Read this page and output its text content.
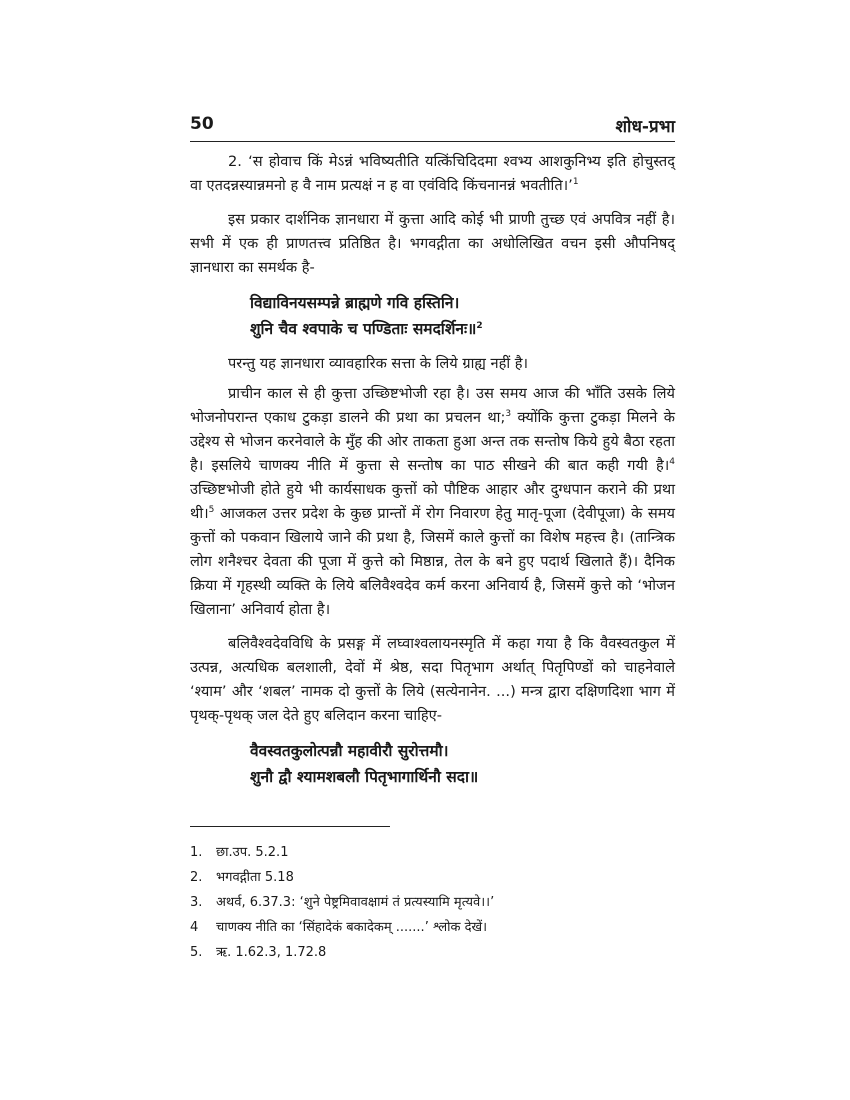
50	शोध-प्रभा

2. ‘स होवाच किं मेऽन्नं भविष्यतीति यत्किंचिदिदमा श्वभ्य आशकुनिभ्य इति होचुस्तद् वा एतदन्नस्यान्नमनो ह वै नाम प्रत्यक्षं न ह वा एवंविदि किंचनानन्नं भवतीति।’$^1$

इस प्रकार दार्शनिक ज्ञानधारा में कुत्ता आदि कोई भी प्राणी तुच्छ एवं अपवित्र नहीं है। सभी में एक ही प्राणतत्त्व प्रतिष्ठित है। भगवद्गीता का अधोलिखित वचन इसी औपनिषद् ज्ञानधारा का समर्थक है-

विद्याविनयसम्पन्ने ब्राह्मणे गवि हस्तिनि।
शुनि चैव श्वपाके च पण्डिताः समदर्शिनः॥$^2$

परन्तु यह ज्ञानधारा व्यावहारिक सत्ता के लिये ग्राह्य नहीं है।

प्राचीन काल से ही कुत्ता उच्छिष्टभोजी रहा है। उस समय आज की भाँति उसके लिये भोजनोपरान्त एकाध टुकड़ा डालने की प्रथा का प्रचलन था;$^3$ क्योंकि कुत्ता टुकड़ा मिलने के उद्देश्य से भोजन करनेवाले के मुँह की ओर ताकता हुआ अन्त तक सन्तोष किये हुये बैठा रहता है। इसलिये चाणक्य नीति में कुत्ता से सन्तोष का पाठ सीखने की बात कही गयी है।$^4$ उच्छिष्टभोजी होते हुये भी कार्यसाधक कुत्तों को पौष्टिक आहार और दुग्धपान कराने की प्रथा थी।$^5$ आजकल उत्तर प्रदेश के कुछ प्रान्तों में रोग निवारण हेतु मातृ-पूजा (देवीपूजा) के समय कुत्तों को पकवान खिलाये जाने की प्रथा है, जिसमें काले कुत्तों का विशेष महत्त्व है। (तान्त्रिक लोग शनैश्चर देवता की पूजा में कुत्ते को मिष्ठान्न, तेल के बने हुए पदार्थ खिलाते हैं)। दैनिक क्रिया में गृहस्थी व्यक्ति के लिये बलिवैश्वदेव कर्म करना अनिवार्य है, जिसमें कुत्ते को ‘भोजन खिलाना’ अनिवार्य होता है।

बलिवैश्वदेवविधि के प्रसङ्ग में लघ्वाश्वलायनस्मृति में कहा गया है कि वैवस्वतकुल में उत्पन्न, अत्यधिक बलशाली, देवों में श्रेष्ठ, सदा पितृभाग अर्थात् पितृपिण्डों को चाहनेवाले ‘श्याम’ और ‘शबल’ नामक दो कुत्तों के लिये (सत्येनानेन. ...) मन्त्र द्वारा दक्षिणदिशा भाग में पृथक्-पृथक् जल देते हुए बलिदान करना चाहिए-

वैवस्वतकुलोत्पन्नौ महावीरौ सुरोत्तमौ।
शुनौ द्वौ श्यामशबलौ पितृभागार्थिनौ सदा॥
1.	छा.उप. 5.2.1
2.	भगवद्गीता 5.18
3.	अथर्व, 6.37.3: ‘शुने पेष्ट्रमिवावक्षामं तं प्रत्यस्यामि मृत्यवे।।’
4	चाणक्य नीति का ‘सिंहादेकं बकादेकम् .......’ श्लोक देखें।
5.	ऋ. 1.62.3, 1.72.8
